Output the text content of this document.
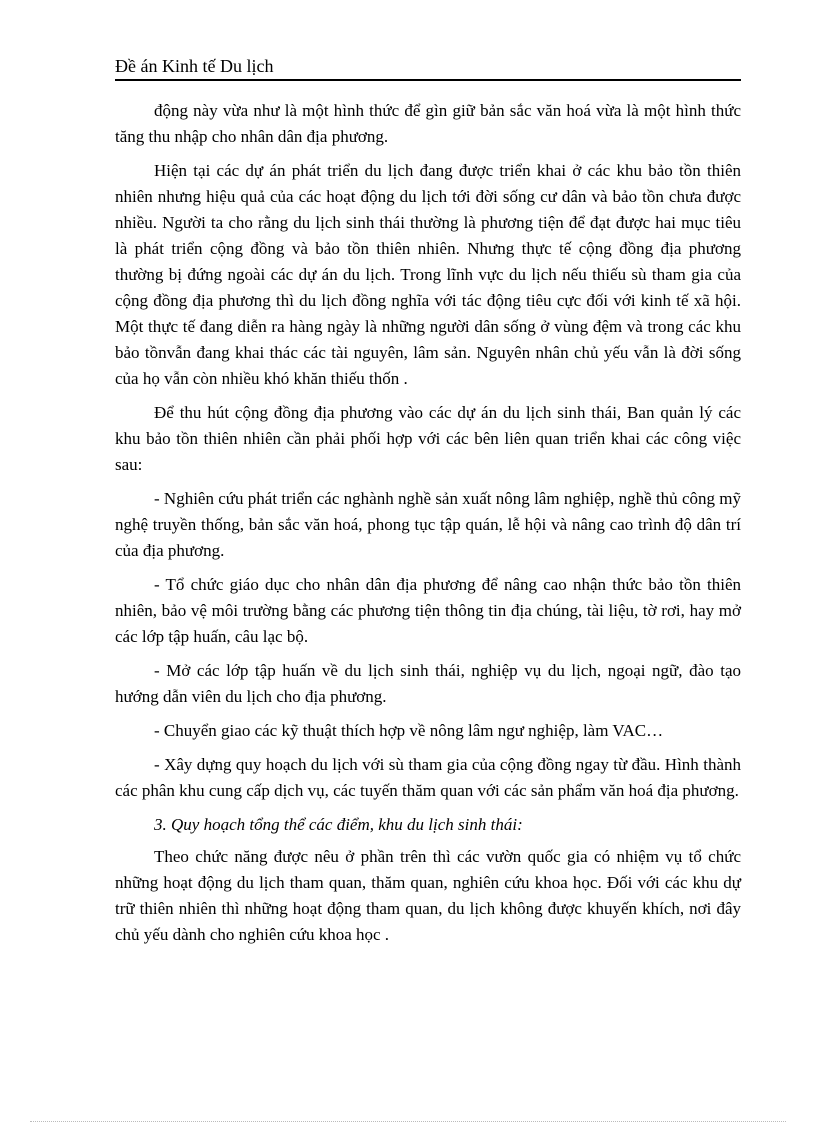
Đề án Kinh tế Du lịch

động này vừa như là một hình thức để gìn giữ bản sắc văn hoá vừa là một hình thức tăng thu nhập cho nhân dân địa phương.

Hiện tại các dự án phát triển du lịch đang được triển khai ở các khu bảo tồn thiên nhiên nhưng hiệu quả của các hoạt động du lịch tới đời sống cư dân và bảo tồn chưa được nhiều. Người ta cho rằng du lịch sinh thái thường là phương tiện để đạt được hai mục tiêu là phát triển cộng đồng và bảo tồn thiên nhiên. Nhưng thực tế cộng đồng địa phương thường bị đứng ngoài các dự án du lịch. Trong lĩnh vực du lịch nếu thiếu sù tham gia của cộng đồng địa phương thì du lịch đồng nghĩa với tác động tiêu cực đối với kinh tế xã hội. Một thực tế đang diễn ra hàng ngày là những người dân sống ở vùng đệm và trong các khu bảo tồnvẫn đang khai thác các tài nguyên, lâm sản. Nguyên nhân chủ yếu vẫn là đời sống của họ vẫn còn nhiều khó khăn thiếu thốn .

Để thu hút cộng đồng địa phương vào các dự án du lịch sinh thái, Ban quản lý các khu bảo tồn thiên nhiên cần phải phối hợp với các bên liên quan triển khai các công việc sau:

- Nghiên cứu phát triển các nghành nghề sản xuất nông lâm nghiệp, nghề thủ công mỹ nghệ truyền thống, bản sắc văn hoá, phong tục tập quán, lễ hội và nâng cao trình độ dân trí của địa phương.

- Tổ chức giáo dục cho nhân dân địa phương để nâng cao nhận thức bảo tồn thiên nhiên, bảo vệ môi trường bằng các phương tiện thông tin địa chúng, tài liệu, tờ rơi, hay mở các lớp tập huấn, câu lạc bộ.

- Mở các lớp tập huấn về du lịch sinh thái, nghiệp vụ du lịch, ngoại ngữ, đào tạo hướng dẫn viên du lịch cho địa phương.

- Chuyển giao các kỹ thuật thích hợp về nông lâm ngư nghiệp, làm VAC…

- Xây dựng quy hoạch du lịch với sù tham gia của cộng đồng ngay từ đầu. Hình thành các phân khu cung cấp dịch vụ, các tuyến thăm quan với các sản phẩm văn hoá địa phương.

3. Quy hoạch tổng thể các điểm, khu du lịch sinh thái:

Theo chức năng được nêu ở phần trên thì các vườn quốc gia có nhiệm vụ tổ chức những hoạt động du lịch tham quan, thăm quan, nghiên cứu khoa học. Đối với các khu dự trữ thiên nhiên thì những hoạt động tham quan, du lịch không được khuyến khích, nơi đây chủ yếu dành cho nghiên cứu khoa học .
